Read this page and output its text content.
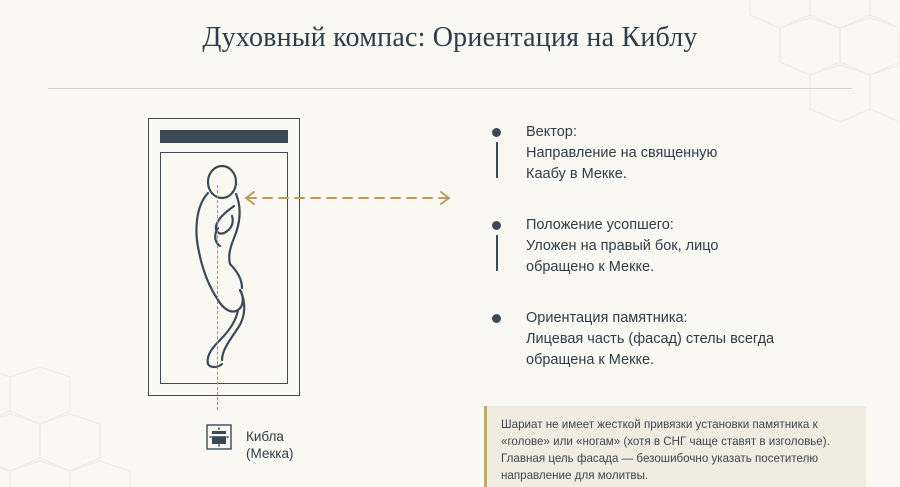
Духовный компас: Ориентация на Киблу
Кибла
(Мекка)
Вектор:
Направление на священную
Каабу в Мекке.
Положение усопшего:
Уложен на правый бок, лицо
обращено к Мекке.
Ориентация памятника:
Лицевая часть (фасад) стелы всегда
обращена к Мекке.
Шариат не имеет жесткой привязки установки памятника к
«голове» или «ногам» (хотя в СНГ чаще ставят в изголовье).
Главная цель фасада — безошибочно указать посетителю
направление для молитвы.
